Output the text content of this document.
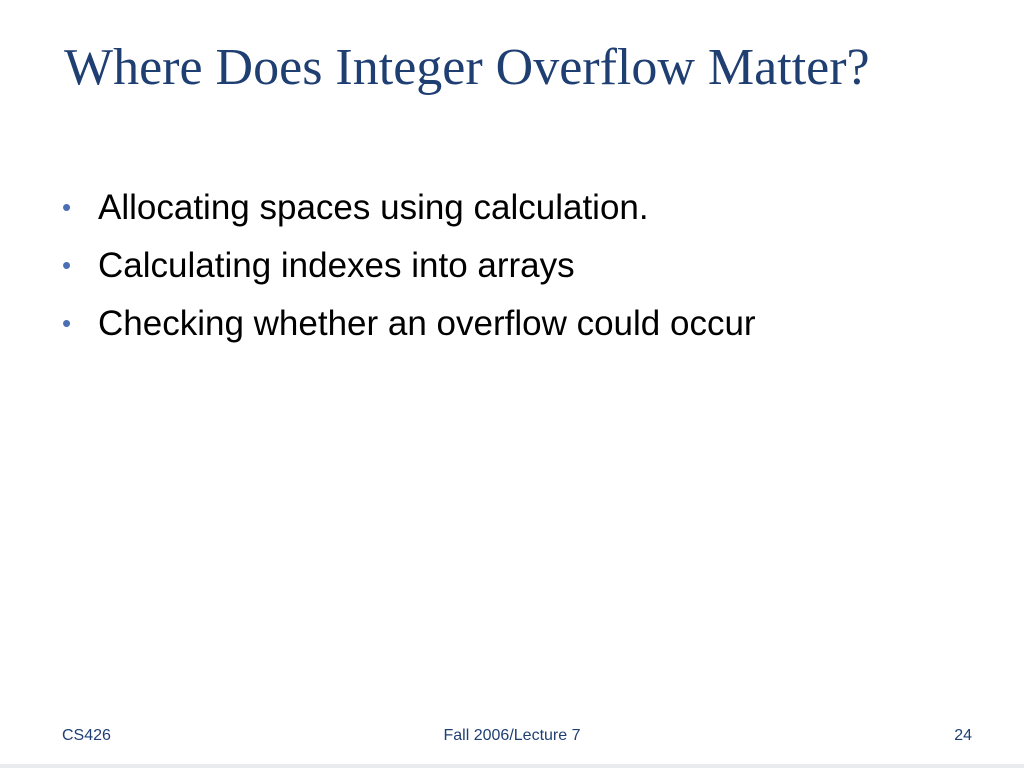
Where Does Integer Overflow Matter?
• Allocating spaces using calculation.
• Calculating indexes into arrays
• Checking whether an overflow could occur
CS426	Fall 2006/Lecture 7	24
